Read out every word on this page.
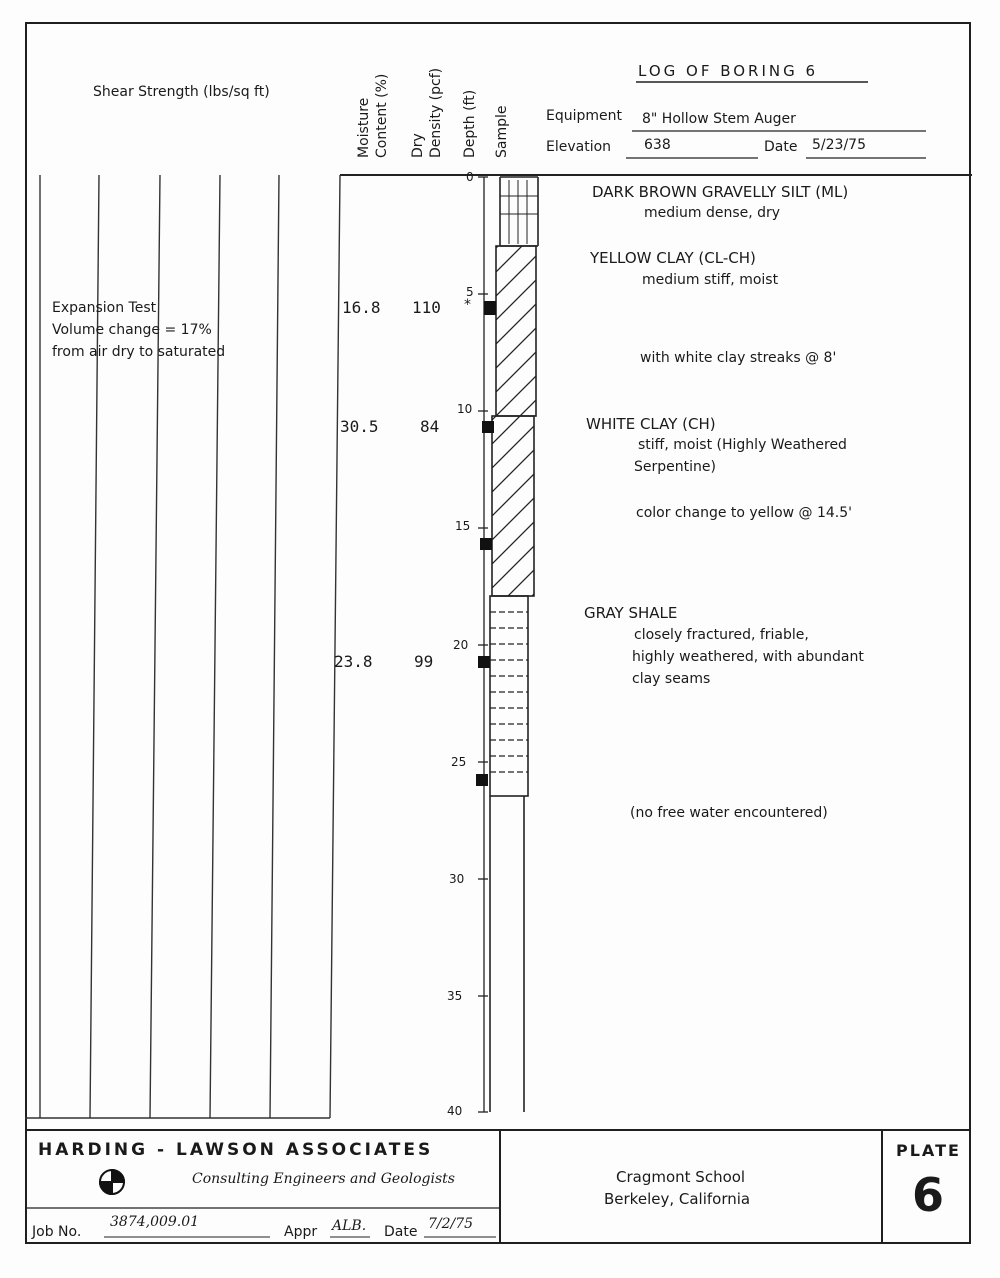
Shear Strength (lbs/sq ft)
Moisture Content (%) Dry Density (pcf) Depth (ft) Sample
LOG OF BORING 6
Equipment 8" Hollow Stem Auger
Elevation 638	Date 5/23/75
Expansion Test
Volume change = 17%
from air dry to saturated
16.8 110 *
30.5	84
23.8	99
0
5
10
15
20
25
30
35
40
DARK BROWN GRAVELLY SILT (ML)
medium dense, dry
YELLOW CLAY (CL-CH)
medium stiff, moist
with white clay streaks @ 8'
WHITE CLAY (CH)
stiff, moist (Highly Weathered
Serpentine)
color change to yellow @ 14.5'
GRAY SHALE
closely fractured, friable,
highly weathered, with abundant
clay seams
(no free water encountered)
HARDING - LAWSON ASSOCIATES
Consulting Engineers and Geologists
Job No.
3874,009.01
Appr ALB. Date 7/2/75
Cragmont School
Berkeley, California
PLATE
6
